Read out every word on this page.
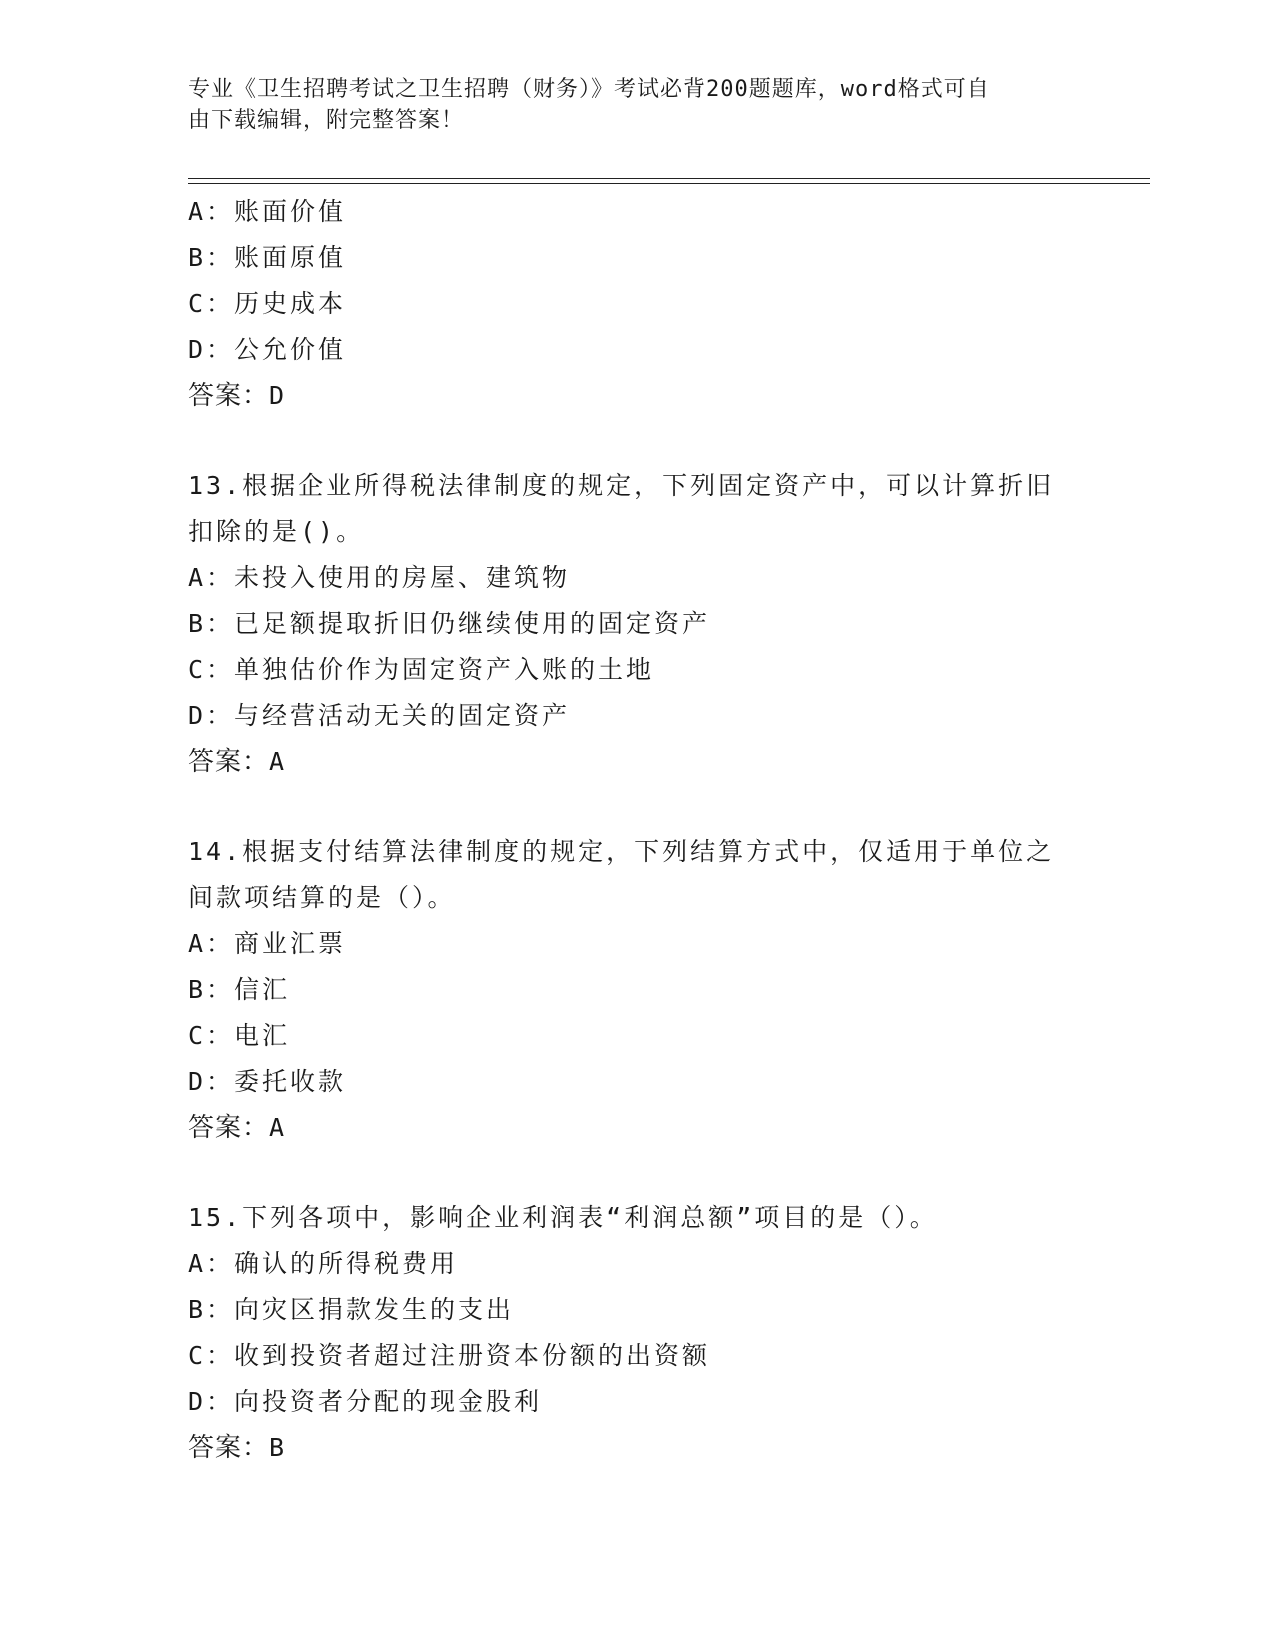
专业《卫生招聘考试之卫生招聘（财务）》考试必背200题题库，word格式可自
由下载编辑，附完整答案！
A：账面价值
B：账面原值
C：历史成本
D：公允价值
答案：D
13.根据企业所得税法律制度的规定，下列固定资产中，可以计算折旧
扣除的是()。
A：未投入使用的房屋、建筑物
B：已足额提取折旧仍继续使用的固定资产
C：单独估价作为固定资产入账的土地
D：与经营活动无关的固定资产
答案：A
14.根据支付结算法律制度的规定，下列结算方式中，仅适用于单位之
间款项结算的是（）。
A：商业汇票
B：信汇
C：电汇
D：委托收款
答案：A
15.下列各项中，影响企业利润表“利润总额”项目的是（）。
A：确认的所得税费用
B：向灾区捐款发生的支出
C：收到投资者超过注册资本份额的出资额
D：向投资者分配的现金股利
答案：B
